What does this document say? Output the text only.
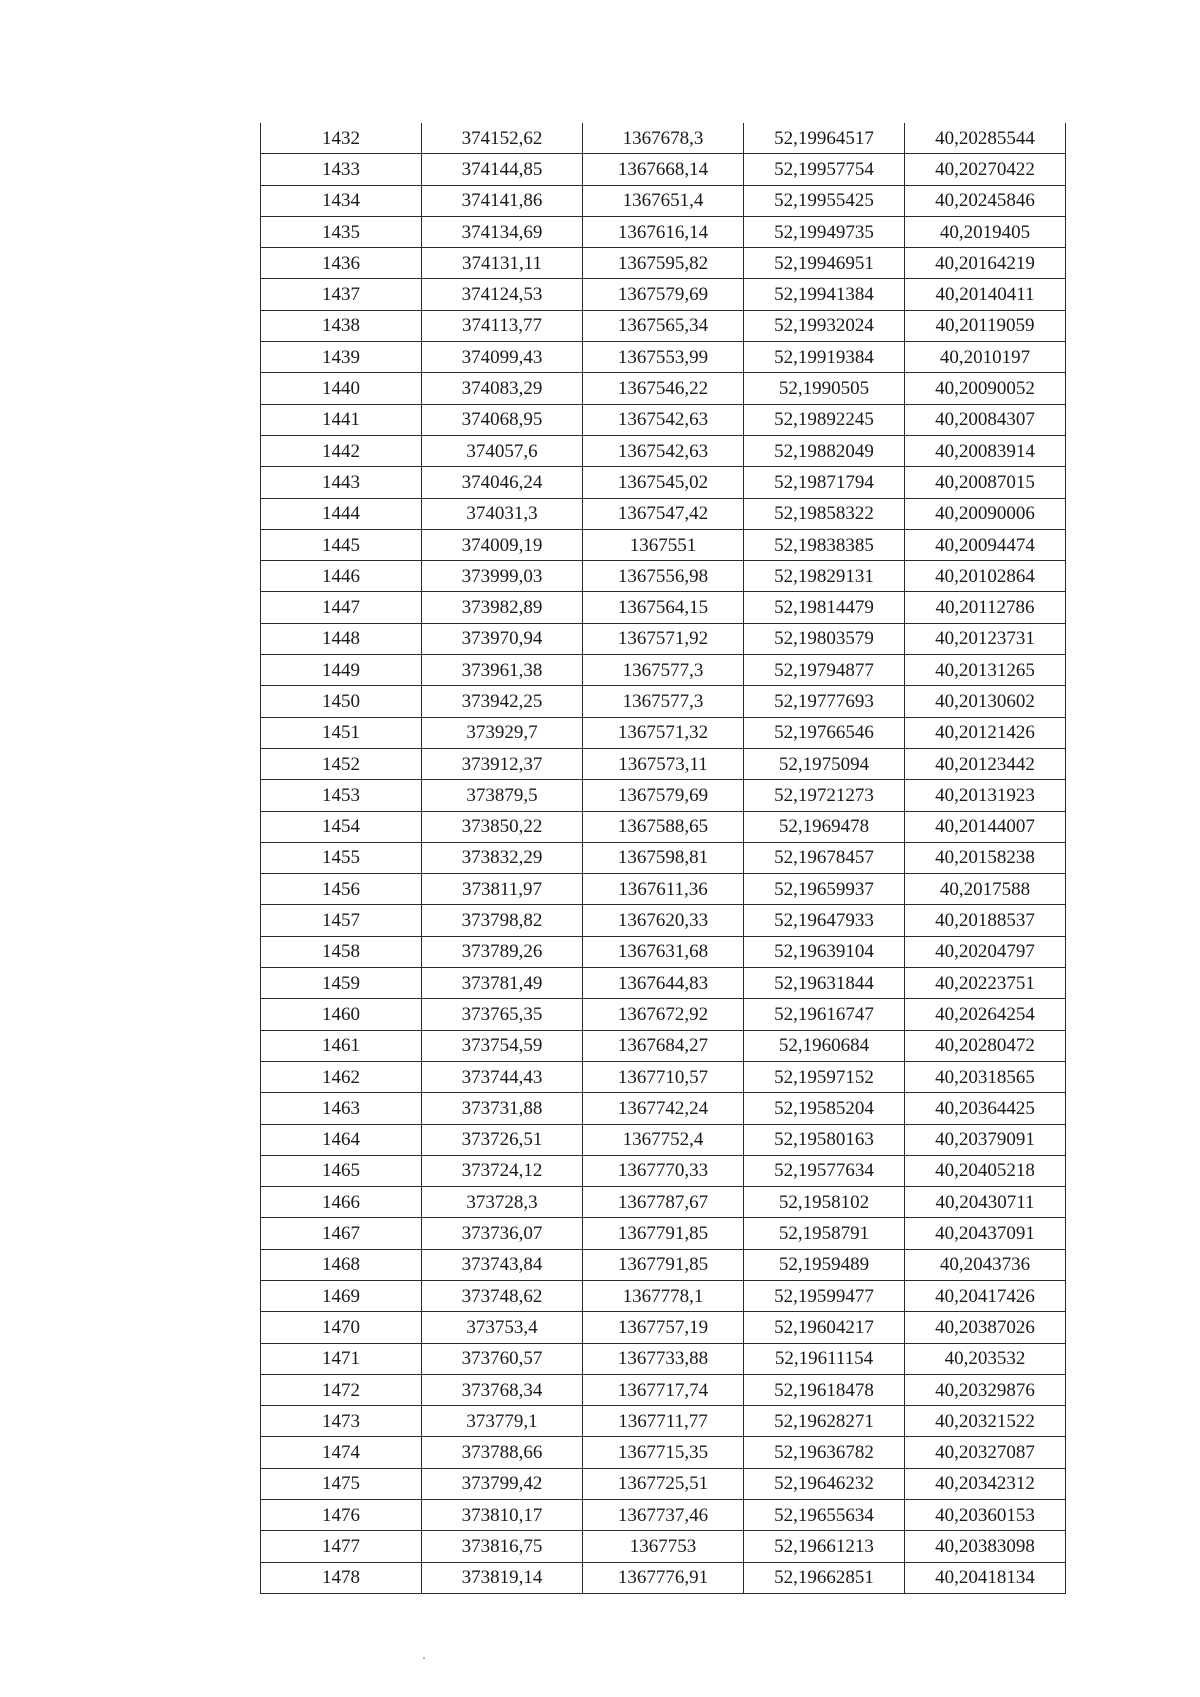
1432	374152,62	1367678,3	52,19964517	40,20285544
1433	374144,85	1367668,14	52,19957754	40,20270422
1434	374141,86	1367651,4	52,19955425	40,20245846
1435	374134,69	1367616,14	52,19949735	40,2019405
1436	374131,11	1367595,82	52,19946951	40,20164219
1437	374124,53	1367579,69	52,19941384	40,20140411
1438	374113,77	1367565,34	52,19932024	40,20119059
1439	374099,43	1367553,99	52,19919384	40,2010197
1440	374083,29	1367546,22	52,1990505	40,20090052
1441	374068,95	1367542,63	52,19892245	40,20084307
1442	374057,6	1367542,63	52,19882049	40,20083914
1443	374046,24	1367545,02	52,19871794	40,20087015
1444	374031,3	1367547,42	52,19858322	40,20090006
1445	374009,19	1367551	52,19838385	40,20094474
1446	373999,03	1367556,98	52,19829131	40,20102864
1447	373982,89	1367564,15	52,19814479	40,20112786
1448	373970,94	1367571,92	52,19803579	40,20123731
1449	373961,38	1367577,3	52,19794877	40,20131265
1450	373942,25	1367577,3	52,19777693	40,20130602
1451	373929,7	1367571,32	52,19766546	40,20121426
1452	373912,37	1367573,11	52,1975094	40,20123442
1453	373879,5	1367579,69	52,19721273	40,20131923
1454	373850,22	1367588,65	52,1969478	40,20144007
1455	373832,29	1367598,81	52,19678457	40,20158238
1456	373811,97	1367611,36	52,19659937	40,2017588
1457	373798,82	1367620,33	52,19647933	40,20188537
1458	373789,26	1367631,68	52,19639104	40,20204797
1459	373781,49	1367644,83	52,19631844	40,20223751
1460	373765,35	1367672,92	52,19616747	40,20264254
1461	373754,59	1367684,27	52,1960684	40,20280472
1462	373744,43	1367710,57	52,19597152	40,20318565
1463	373731,88	1367742,24	52,19585204	40,20364425
1464	373726,51	1367752,4	52,19580163	40,20379091
1465	373724,12	1367770,33	52,19577634	40,20405218
1466	373728,3	1367787,67	52,1958102	40,20430711
1467	373736,07	1367791,85	52,1958791	40,20437091
1468	373743,84	1367791,85	52,1959489	40,2043736
1469	373748,62	1367778,1	52,19599477	40,20417426
1470	373753,4	1367757,19	52,19604217	40,20387026
1471	373760,57	1367733,88	52,19611154	40,203532
1472	373768,34	1367717,74	52,19618478	40,20329876
1473	373779,1	1367711,77	52,19628271	40,20321522
1474	373788,66	1367715,35	52,19636782	40,20327087
1475	373799,42	1367725,51	52,19646232	40,20342312
1476	373810,17	1367737,46	52,19655634	40,20360153
1477	373816,75	1367753	52,19661213	40,20383098
1478	373819,14	1367776,91	52,19662851	40,20418134
